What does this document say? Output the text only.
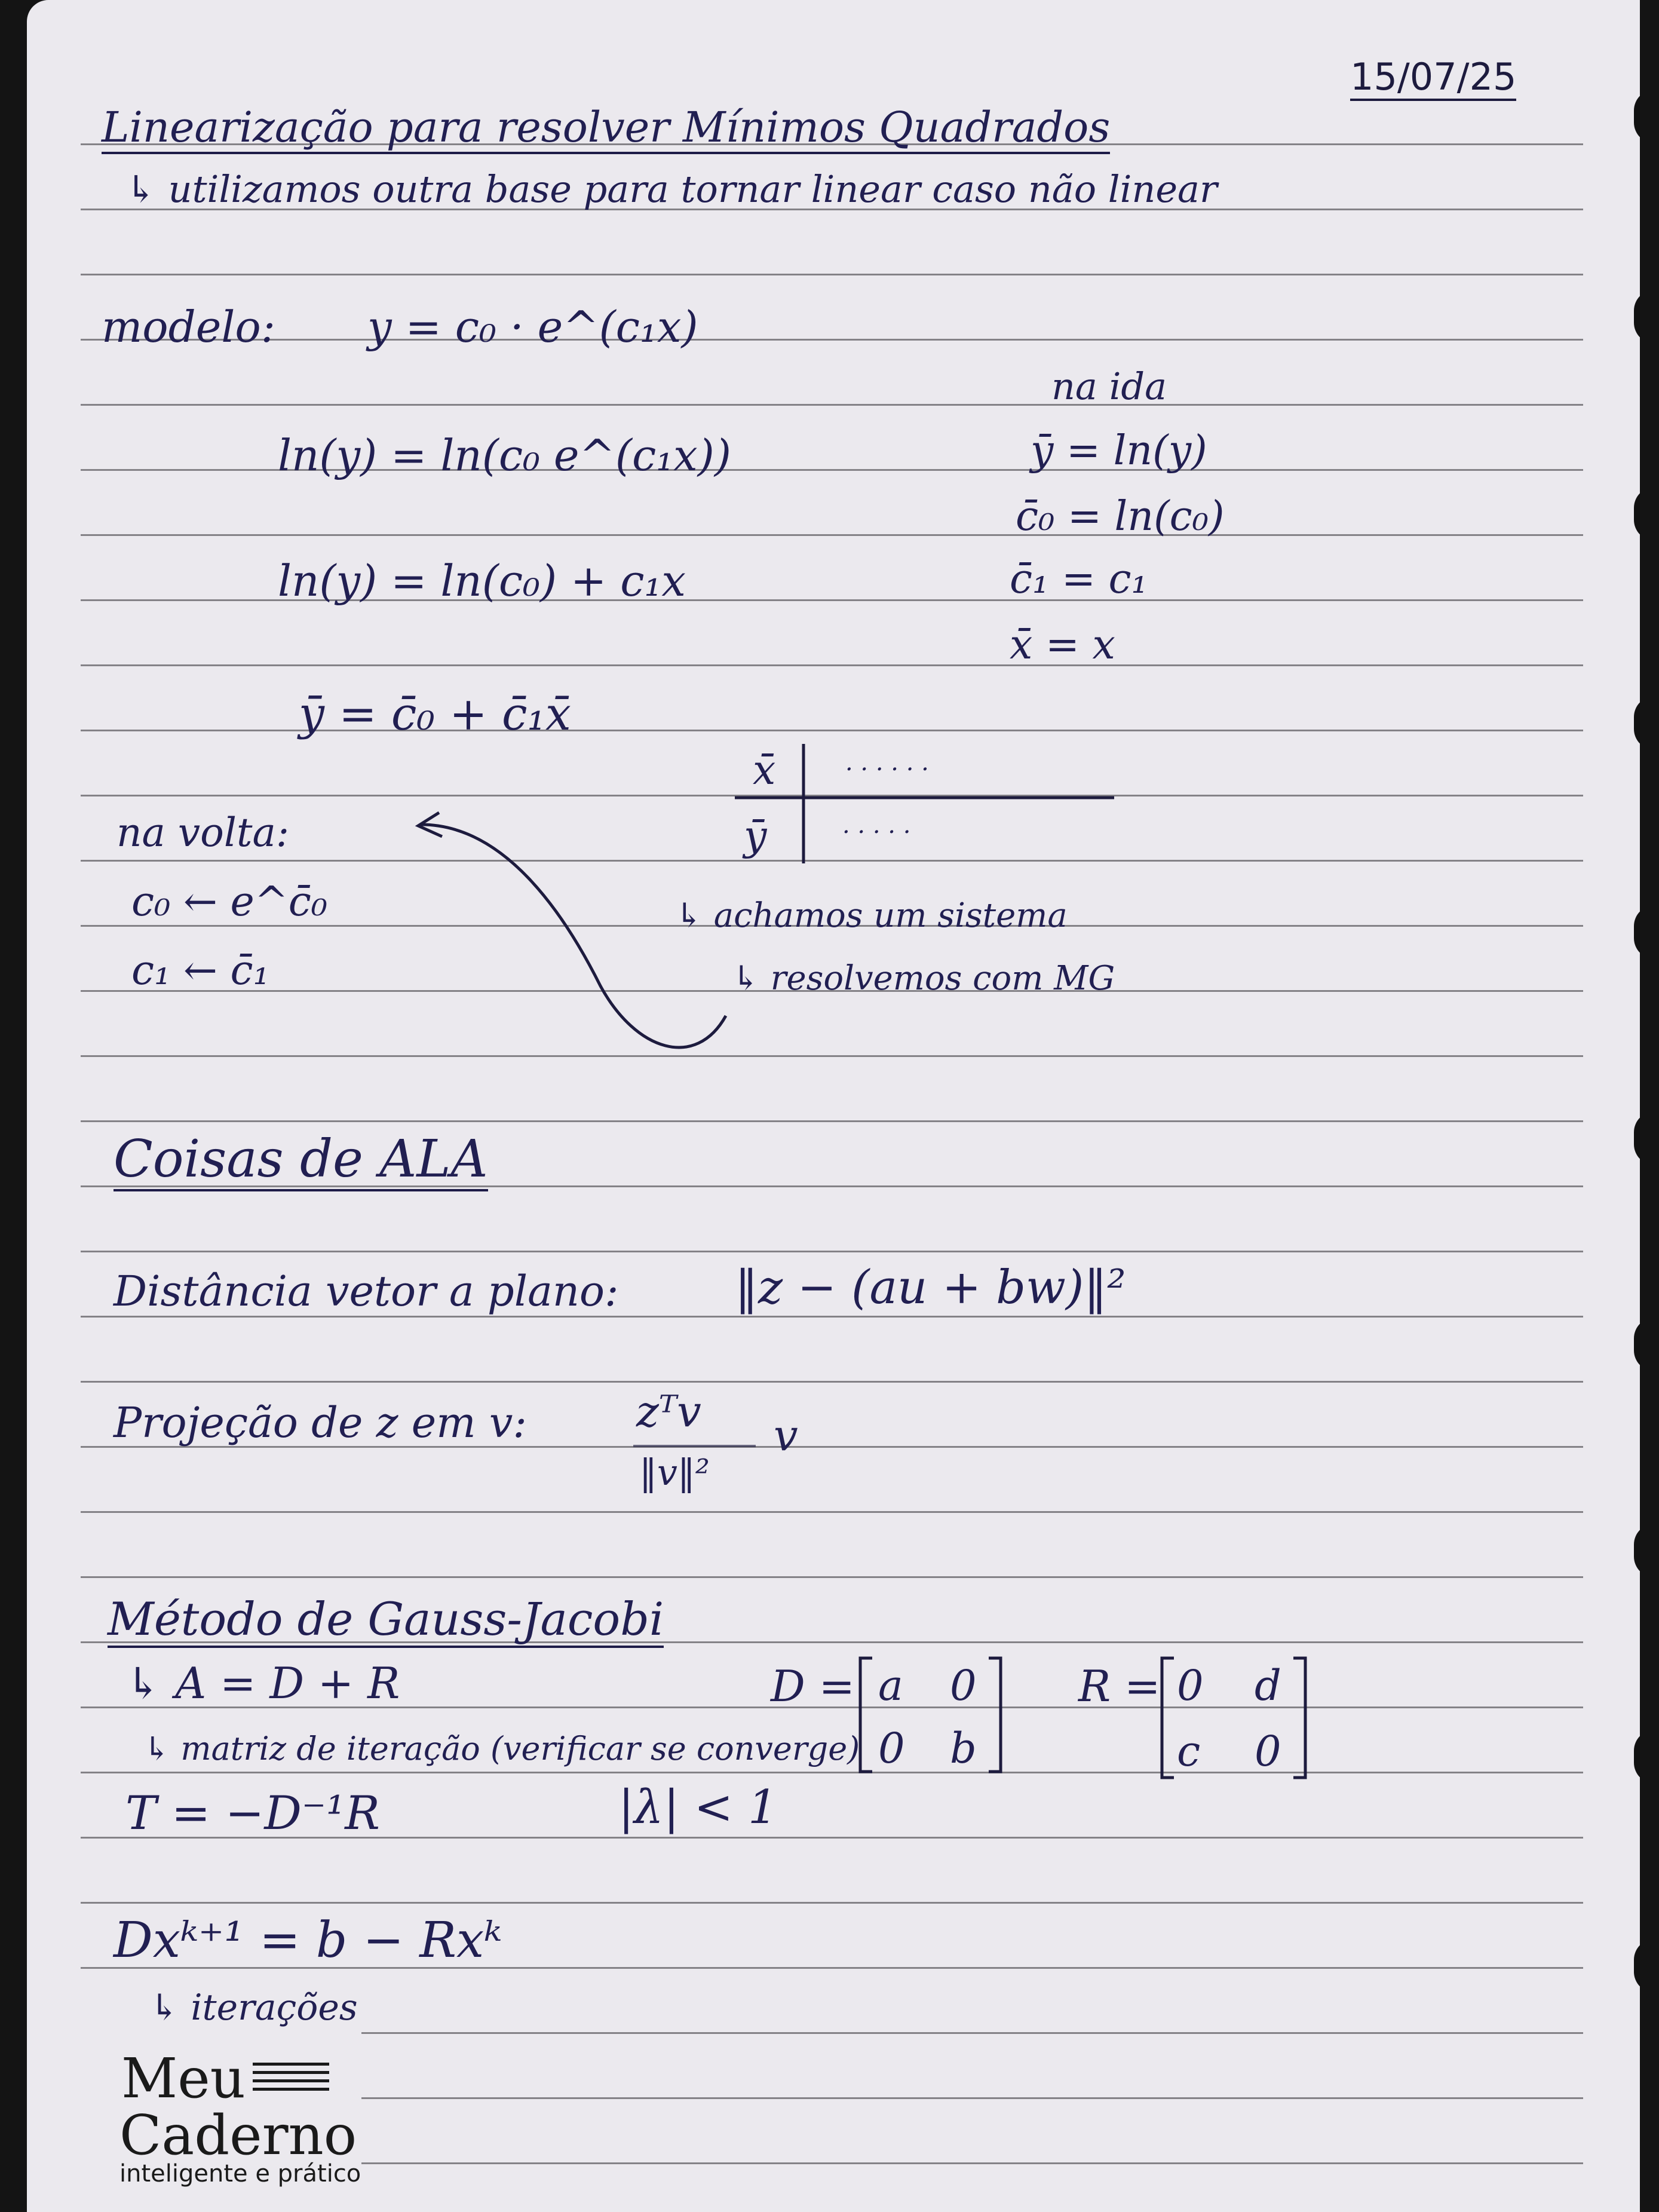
15/07/25
Linearização para resolver Mínimos Quadrados
↳ utilizamos outra base para tornar linear caso não linear
modelo: y = c₀ · e^(c₁x)
ln(y) = ln(c₀ e^(c₁x))
ln(y) = ln(c₀) + c₁x
ȳ = c̄₀ + c̄₁x̄
na ida
ȳ = ln(y)
c̄₀ = ln(c₀)
c̄₁ = c₁
x̄ = x
x̄
ȳ
· · · · · ·
· · · · ·
na volta:
c₀ ← e^c̄₀
c₁ ← c̄₁
↳ achamos um sistema
↳ resolvemos com MG
Coisas de ALA
Distância vetor a plano: ‖z − (au + bw)‖²
Projeção de z em v:	zᵀv
‖v‖²
v
Método de Gauss-Jacobi
↳ A = D + R
↳ matriz de iteração (verificar se converge)
T = −D⁻¹R	|λ| < 1
D = a 0
0 b
R = 0 d
c 0
Dxᵏ⁺¹ = b − Rxᵏ
↳ iterações
Meu
Caderno
inteligente e prático
